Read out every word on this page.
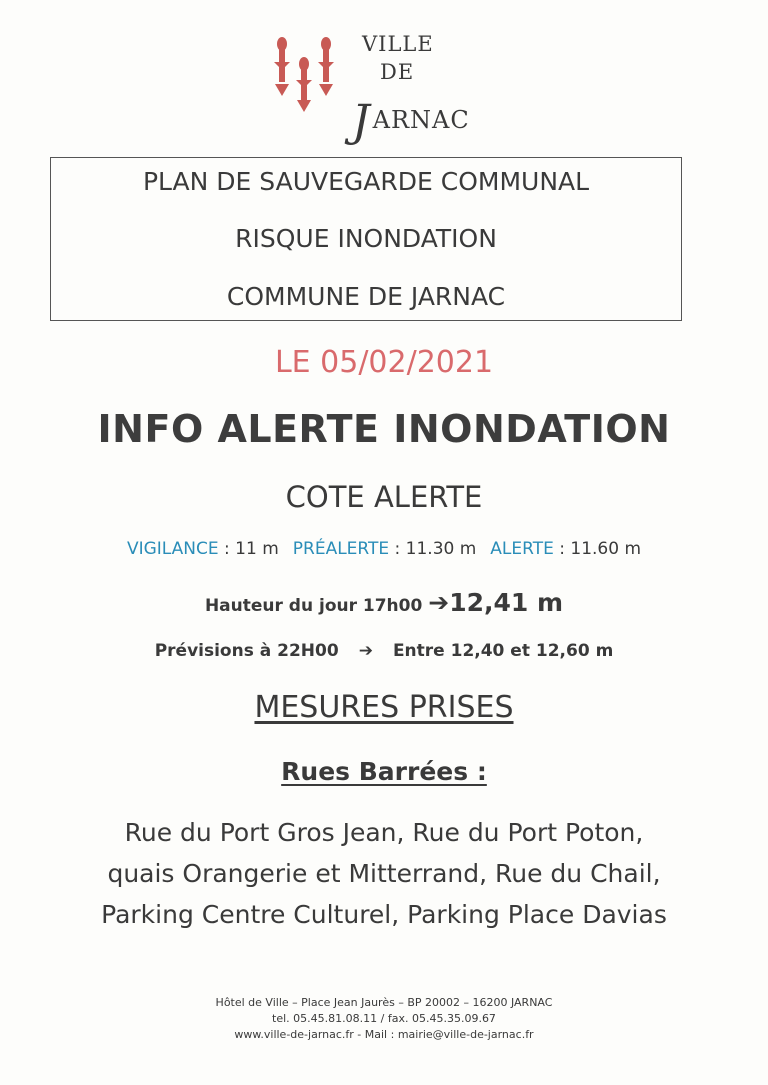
VILLE
DE
JARNAC
PLAN DE SAUVEGARDE COMMUNAL
RISQUE INONDATION
COMMUNE DE JARNAC
LE 05/02/2021
INFO ALERTE INONDATION
COTE ALERTE
VIGILANCE : 11 m PRÉALERTE : 11.30 m ALERTE : 11.60 m
Hauteur du jour 17h00 ➔12,41 m
Prévisions à 22H00 ➔ Entre 12,40 et 12,60 m
MESURES PRISES
Rues Barrées :
Rue du Port Gros Jean, Rue du Port Poton,
quais Orangerie et Mitterrand, Rue du Chail,
Parking Centre Culturel, Parking Place Davias
Hôtel de Ville – Place Jean Jaurès – BP 20002 – 16200 JARNAC
tel. 05.45.81.08.11 / fax. 05.45.35.09.67
www.ville-de-jarnac.fr - Mail : mairie@ville-de-jarnac.fr
